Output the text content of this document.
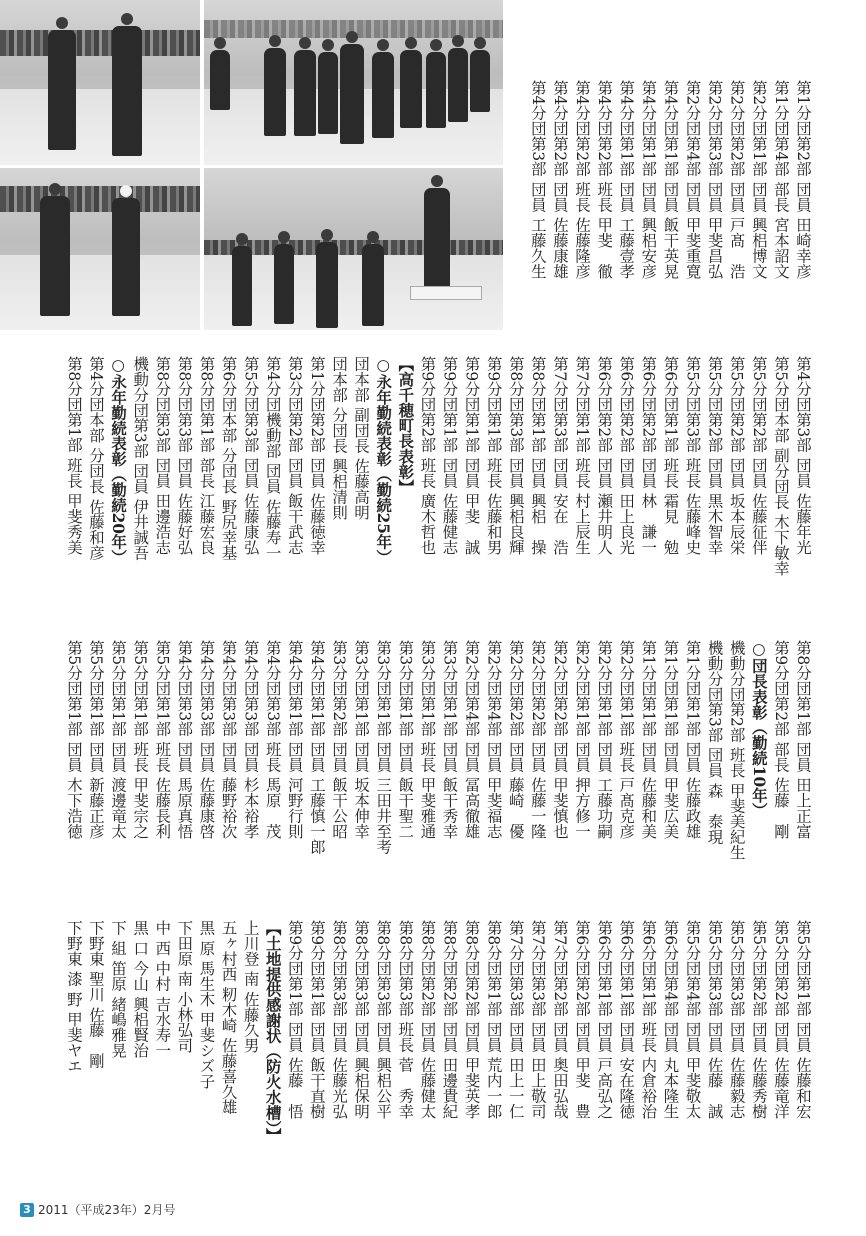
第1分団第2部 団員 田崎幸彦
第1分団第4部 部長 宮本詔文
第2分団第1部 団員 興梠博文
第2分団第2部 団員 戸髙　浩
第2分団第3部 団員 甲斐昌弘
第2分団第4部 団員 甲斐重寛
第4分団第1部 団員 飯干英晃
第4分団第1部 団員 興梠安彦
第4分団第1部 団員 工藤壹孝
第4分団第2部 班長 甲斐　徹
第4分団第2部 班長 佐藤隆彦
第4分団第2部 団員 佐藤康雄
第4分団第3部 団員 工藤久生
第4分団第3部 団員 佐藤年光
第5分団本部 副分団長 木下敏幸
第5分団第2部 団員 佐藤征伴
第5分団第2部 団員 坂本辰栄
第5分団第2部 団員 黒木智幸
第5分団第3部 班長 佐藤峰史
第6分団第1部 班長 霜見　勉
第6分団第2部 団員 林　謙一
第6分団第2部 団員 田上良光
第6分団第2部 団員 瀬井明人
第7分団第1部 班長 村上辰生
第7分団第3部 団員 安在　浩
第8分団第1部 団員 興梠　操
第8分団第3部 団員 興梠良輝
第9分団第1部 班長 佐藤和男
第9分団第1部 団員 甲斐　誠
第9分団第1部 団員 佐藤健志
第9分団第2部 班長 廣木哲也
【高千穂町長表彰】
○永年勤続表彰（勤続25年）
団本部 副団長 佐藤高明
団本部 分団長 興梠清則
第1分団第2部 団員 佐藤徳幸
第3分団第2部 団員 飯干武志
第4分団機動部 団員 佐藤寿一
第5分団第3部 団員 佐藤康弘
第6分団本部 分団長 野尻幸基
第8分団第1部 部長 江藤宏良
第8分団第3部 団員 佐藤好弘
第8分団第3部 団員 田邊浩志
機動分団第3部 団員 伊井誠吾
○永年勤続表彰（勤続20年）
第4分団本部 分団長 佐藤和彦
第8分団第1部 班長 甲斐秀美
第8分団第1部 団員 田上正富
第9分団第2部 部長 佐藤　剛
○団長表彰（勤続10年）
機動分団第2部 班長 甲斐美紀生
機動分団第3部 団員 森　泰現
第1分団第1部 団員 佐藤政雄
第1分団第1部 団員 甲斐広美
第1分団第1部 団員 佐藤和美
第2分団第1部 班長 戸髙克彦
第2分団第1部 団員 工藤功嗣
第2分団第1部 団員 押方修一
第2分団第2部 団員 甲斐慎也
第2分団第2部 団員 佐藤一隆
第2分団第2部 団員 藤崎　優
第2分団第4部 団員 甲斐福志
第2分団第4部 団員 冨高徹雄
第3分団第1部 団員 飯干秀幸
第3分団第1部 班長 甲斐雅通
第3分団第1部 団員 飯干聖二
第3分団第1部 団員 三田井至考
第3分団第1部 団員 坂本伸幸
第3分団第2部 団員 飯干公昭
第4分団第1部 団員 工藤慎一郎
第4分団第1部 団員 河野行則
第4分団第3部 班長 馬原　茂
第4分団第3部 団員 杉本裕孝
第4分団第3部 団員 藤野裕次
第4分団第3部 団員 佐藤康啓
第4分団第3部 団員 馬原真悟
第5分団第1部 班長 佐藤長利
第5分団第1部 班長 甲斐宗之
第5分団第1部 団員 渡邊竜太
第5分団第1部 団員 新藤正彦
第5分団第1部 団員 木下浩徳
第5分団第1部 団員 佐藤和宏
第5分団第2部 団員 佐藤竜洋
第5分団第2部 団員 佐藤秀樹
第5分団第3部 団員 佐藤毅志
第5分団第3部 団員 佐藤　誠
第5分団第4部 団員 甲斐敬太
第6分団第4部 団員 丸本隆生
第6分団第1部 班長 内倉裕治
第6分団第1部 団員 安在隆徳
第6分団第1部 団員 戸高弘之
第6分団第2部 団員 甲斐　豊
第7分団第2部 団員 奥田弘哉
第7分団第3部 団員 田上敬司
第7分団第3部 団員 田上一仁
第8分団第1部 団員 荒内一郎
第8分団第2部 団員 甲斐英孝
第8分団第2部 団員 田邊貴紀
第8分団第2部 団員 佐藤健太
第8分団第3部 班長 菅　秀幸
第8分団第3部 団員 興梠公平
第8分団第3部 団員 興梠保明
第8分団第3部 団員 佐藤光弘
第9分団第1部 団員 飯干直樹
第9分団第1部 団員 佐藤　悟
【土地提供感謝状（防火水槽）】
上川登 南 佐藤久男
五ヶ村西 籾木崎 佐藤喜久雄
黒 原 馬生木 甲斐シズ子
下田原 南 小林弘司
中 西 中村 吉水寿一
黒 口 今山 興梠賢治
下 組 笛原 緒嶋雅晃
下野東 聖川 佐藤　剛
下野東 漆 野 甲斐ヤエ
3 2011（平成23年）2月号
